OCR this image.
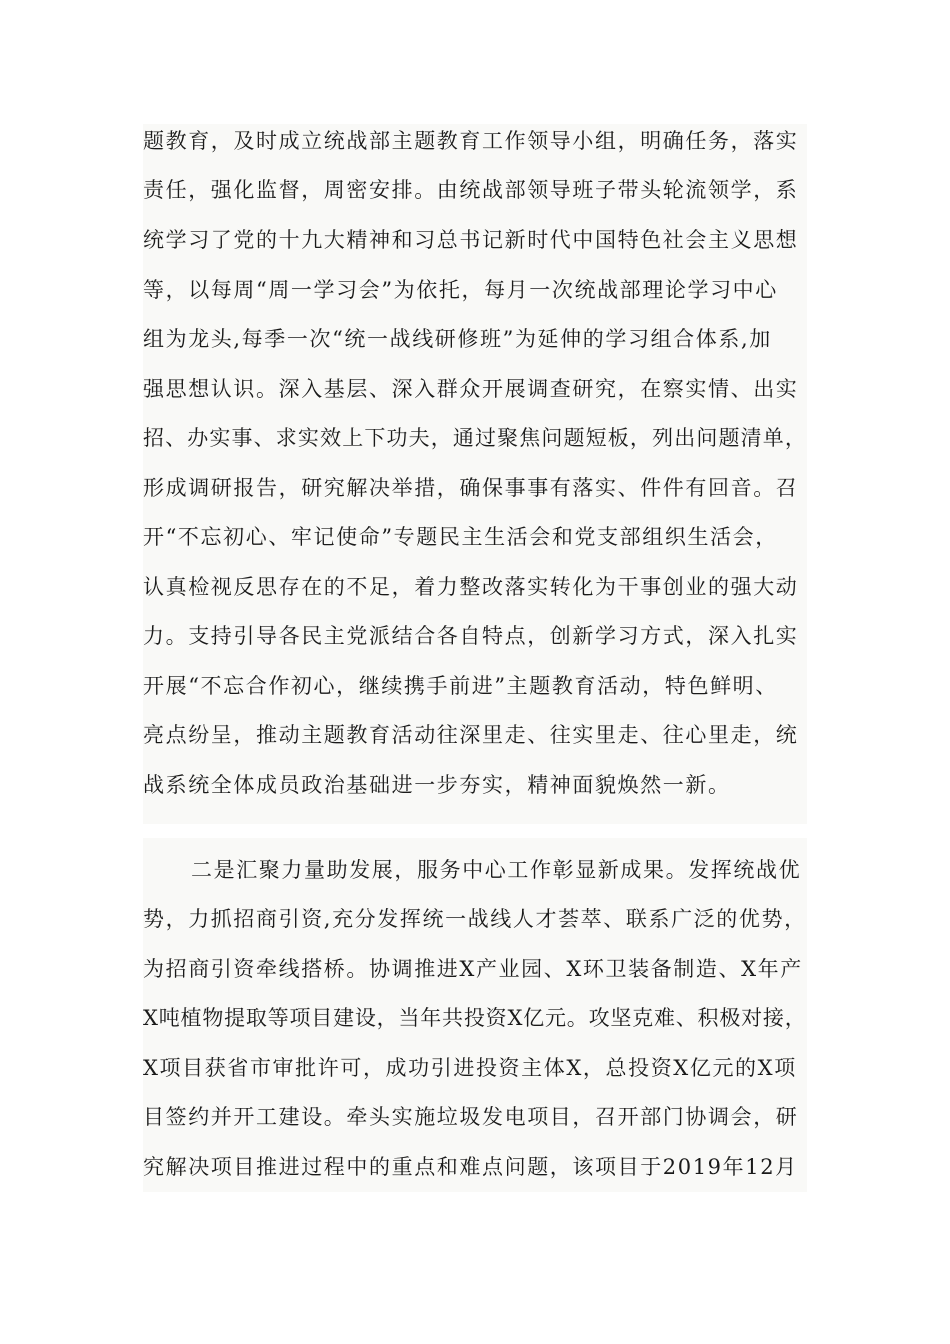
题教育，及时成立统战部主题教育工作领导小组，明确任务，落实
责任，强化监督，周密安排。由统战部领导班子带头轮流领学，系
统学习了党的十九大精神和习总书记新时代中国特色社会主义思想
等，以每周“周一学习会”为依托，每月一次统战部理论学习中心
组为龙头,每季一次“统一战线研修班”为延伸的学习组合体系,加
强思想认识。深入基层、深入群众开展调查研究，在察实情、出实
招、办实事、求实效上下功夫，通过聚焦问题短板，列出问题清单，
形成调研报告，研究解决举措，确保事事有落实、件件有回音。召
开“不忘初心、牢记使命”专题民主生活会和党支部组织生活会，
认真检视反思存在的不足，着力整改落实转化为干事创业的强大动
力。支持引导各民主党派结合各自特点，创新学习方式，深入扎实
开展“不忘合作初心，继续携手前进”主题教育活动，特色鲜明、
亮点纷呈，推动主题教育活动往深里走、往实里走、往心里走，统
战系统全体成员政治基础进一步夯实，精神面貌焕然一新。
二是汇聚力量助发展，服务中心工作彰显新成果。发挥统战优
势，力抓招商引资,充分发挥统一战线人才荟萃、联系广泛的优势，
为招商引资牵线搭桥。协调推进X产业园、X环卫装备制造、X年产
X吨植物提取等项目建设，当年共投资X亿元。攻坚克难、积极对接，
X项目获省市审批许可，成功引进投资主体X，总投资X亿元的X项
目签约并开工建设。牵头实施垃圾发电项目，召开部门协调会，研
究解决项目推进过程中的重点和难点问题，该项目于2019年12月
